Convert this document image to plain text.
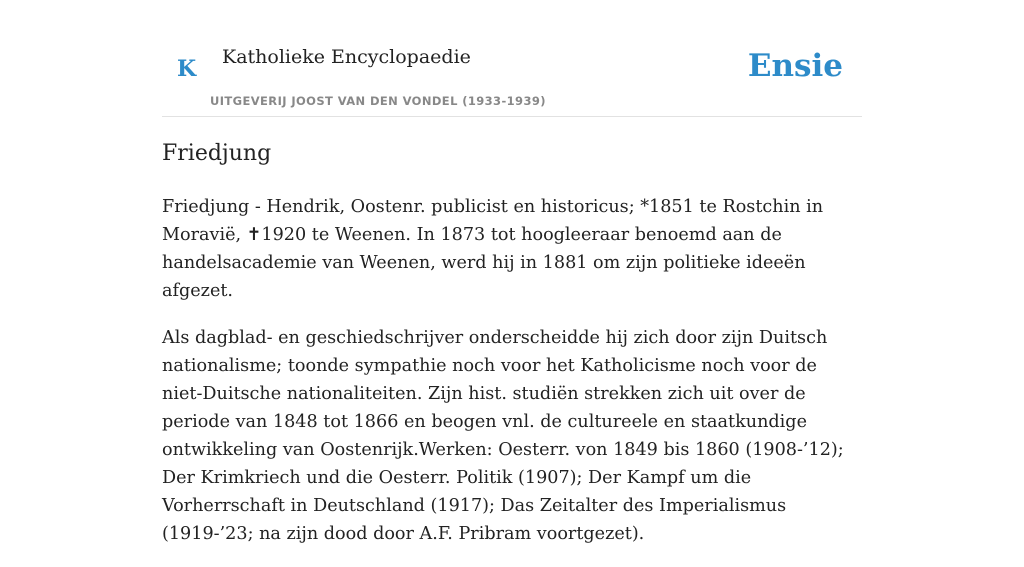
K Katholieke Encyclopaedie
UITGEVERIJ JOOST VAN DEN VONDEL (1933-1939)
Ensie
Friedjung

Friedjung - Hendrik, Oostenr. publicist en historicus; *1851 te Rostchin in Moravië, ✝1920 te Weenen. In 1873 tot hoogleeraar benoemd aan de handelsacademie van Weenen, werd hij in 1881 om zijn politieke ideeën afgezet.

Als dagblad- en geschiedschrijver onderscheidde hij zich door zijn Duitsch nationalisme; toonde sympathie noch voor het Katholicisme noch voor de niet-Duitsche nationaliteiten. Zijn hist. studiën strekken zich uit over de periode van 1848 tot 1866 en beogen vnl. de cultureele en staatkundige ontwikkeling van Oostenrijk.Werken: Oesterr. von 1849 bis 1860 (1908-’12); Der Krimkriech und die Oesterr. Politik (1907); Der Kampf um die Vorherrschaft in Deutschland (1917); Das Zeitalter des Imperialismus (1919-’23; na zijn dood door A.F. Pribram voortgezet).
